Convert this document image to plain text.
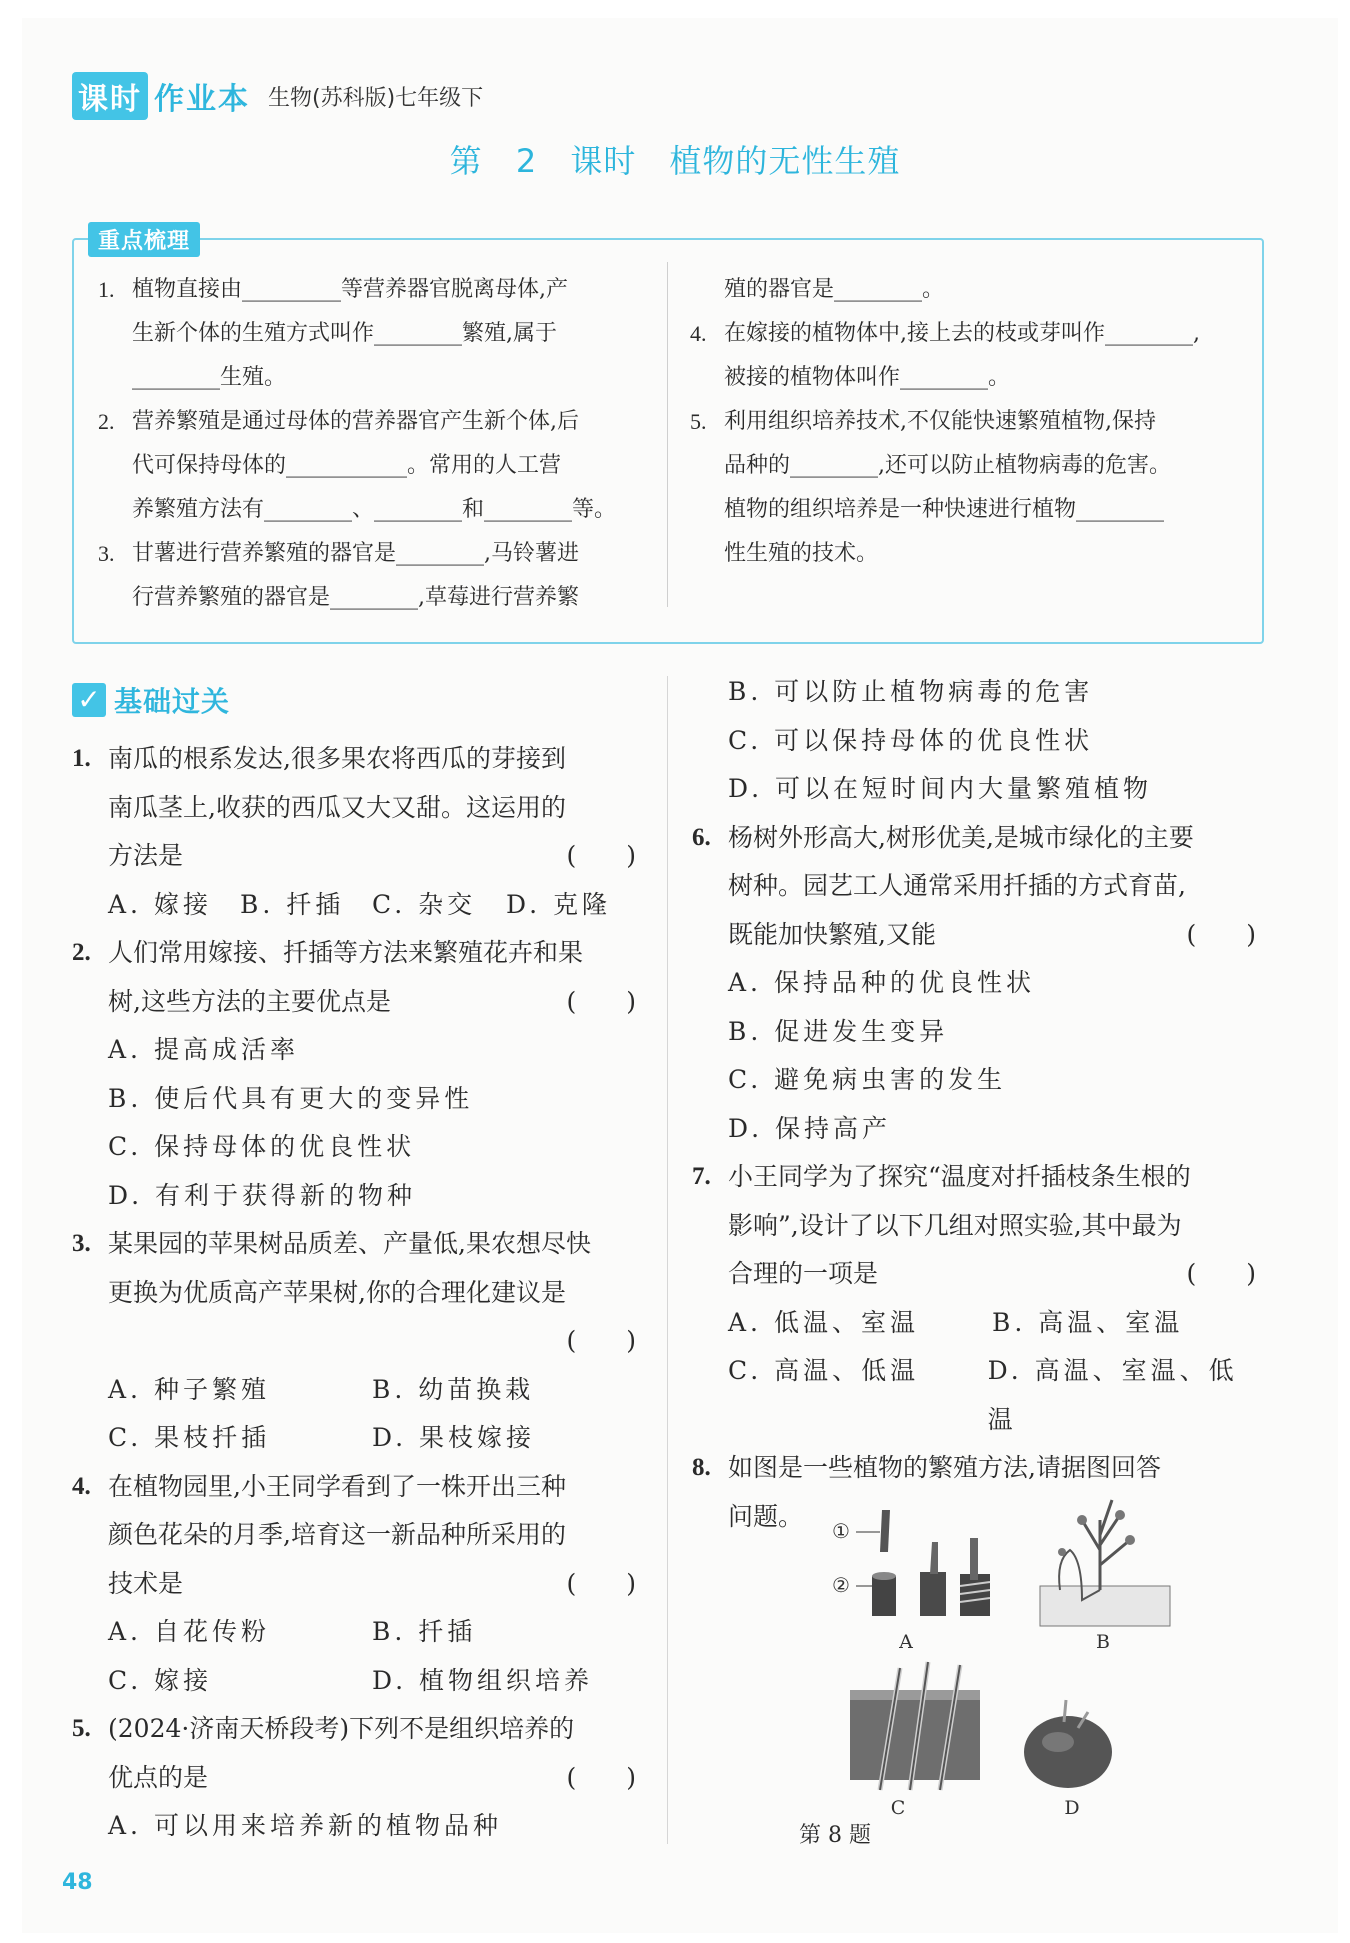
课时 作业本 生物(苏科版)七年级下
第 2 课时　植物的无性生殖
重点梳理
1. 植物直接由_________等营养器官脱离母体,产
生新个体的生殖方式叫作________繁殖,属于
________生殖。
2. 营养繁殖是通过母体的营养器官产生新个体,后
代可保持母体的___________。常用的人工营
养繁殖方法有________、________和________等。
3. 甘薯进行营养繁殖的器官是________,马铃薯进
行营养繁殖的器官是________,草莓进行营养繁
殖的器官是________。
4. 在嫁接的植物体中,接上去的枝或芽叫作________,
被接的植物体叫作________。
5. 利用组织培养技术,不仅能快速繁殖植物,保持
品种的________,还可以防止植物病毒的危害。
植物的组织培养是一种快速进行植物________
性生殖的技术。
✓ 基础过关
1. 南瓜的根系发达,很多果农将西瓜的芽接到
南瓜茎上,收获的西瓜又大又甜。这运用的
方法是	(　　)
A. 嫁接	B. 扦插	C. 杂交	D. 克隆
2. 人们常用嫁接、扦插等方法来繁殖花卉和果
树,这些方法的主要优点是	(　　)
A. 提高成活率
B. 使后代具有更大的变异性
C. 保持母体的优良性状
D. 有利于获得新的物种
3. 某果园的苹果树品质差、产量低,果农想尽快
更换为优质高产苹果树,你的合理化建议是
(　　)
A. 种子繁殖	B. 幼苗换栽
C. 果枝扦插	D. 果枝嫁接
4. 在植物园里,小王同学看到了一株开出三种
颜色花朵的月季,培育这一新品种所采用的
技术是	(　　)
A. 自花传粉	B. 扦插
C. 嫁接	D. 植物组织培养
5. (2024·济南天桥段考)下列不是组织培养的
优点的是	(　　)
A. 可以用来培养新的植物品种
B. 可以防止植物病毒的危害
C. 可以保持母体的优良性状
D. 可以在短时间内大量繁殖植物
6. 杨树外形高大,树形优美,是城市绿化的主要
树种。园艺工人通常采用扦插的方式育苗,
既能加快繁殖,又能	(　　)
A. 保持品种的优良性状
B. 促进发生变异
C. 避免病虫害的发生
D. 保持高产
7. 小王同学为了探究“温度对扦插枝条生根的
影响”,设计了以下几组对照实验,其中最为
合理的一项是	(　　)
A. 低温、室温	B. 高温、室温
C. 高温、低温	D. 高温、室温、低温
8. 如图是一些植物的繁殖方法,请据图回答
问题。
①
②
A	B
C	D
第 8 题
48
